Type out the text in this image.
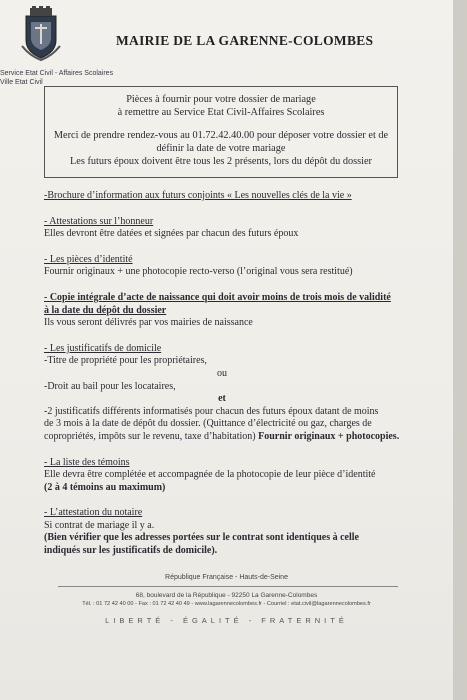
Service Etat Civil - Affaires Scolaires
Ville Etat Civil
MAIRIE DE LA GARENNE-COLOMBES
Pièces à fournir pour votre dossier de mariage
à remettre au Service Etat Civil-Affaires Scolaires
Merci de prendre rendez-vous au 01.72.42.40.00 pour déposer votre dossier et de
définir la date de votre mariage
Les futurs époux doivent être tous les 2 présents, lors du dépôt du dossier
-Brochure d’information aux futurs conjoints « Les nouvelles clés de la vie »
- Attestations sur l’honneur
Elles devront être datées et signées par chacun des futurs époux
- Les pièces d’identité
Fournir originaux + une photocopie recto-verso (l’original vous sera restitué)
- Copie intégrale d’acte de naissance qui doit avoir moins de trois mois de validité
à la date du dépôt du dossier
Ils vous seront délivrés par vos mairies de naissance
- Les justificatifs de domicile
-Titre de propriété pour les propriétaires,
ou
-Droit au bail pour les locataires,
et
-2 justificatifs différents informatisés pour chacun des futurs époux datant de moins
de 3 mois à la date de dépôt du dossier. (Quittance d’électricité ou gaz, charges de
copropriétés, impôts sur le revenu, taxe d’habitation) Fournir originaux + photocopies.
- La liste des témoins
Elle devra être complétée et accompagnée de la photocopie de leur pièce d’identité
(2 à 4 témoins au maximum)
- L’attestation du notaire
Si contrat de mariage il y a.
(Bien vérifier que les adresses portées sur le contrat sont identiques à celle
indiqués sur les justificatifs de domicile).
République Française - Hauts-de-Seine
68, boulevard de la République - 92250 La Garenne-Colombes
Tél. : 01 72 42 40 00 - Fax : 01 72 42 40 49 - www.lagarennecolombes.fr - Courriel : etat.civil@lagarennecolombes.fr
LIBERTÉ - ÉGALITÉ - FRATERNITÉ
